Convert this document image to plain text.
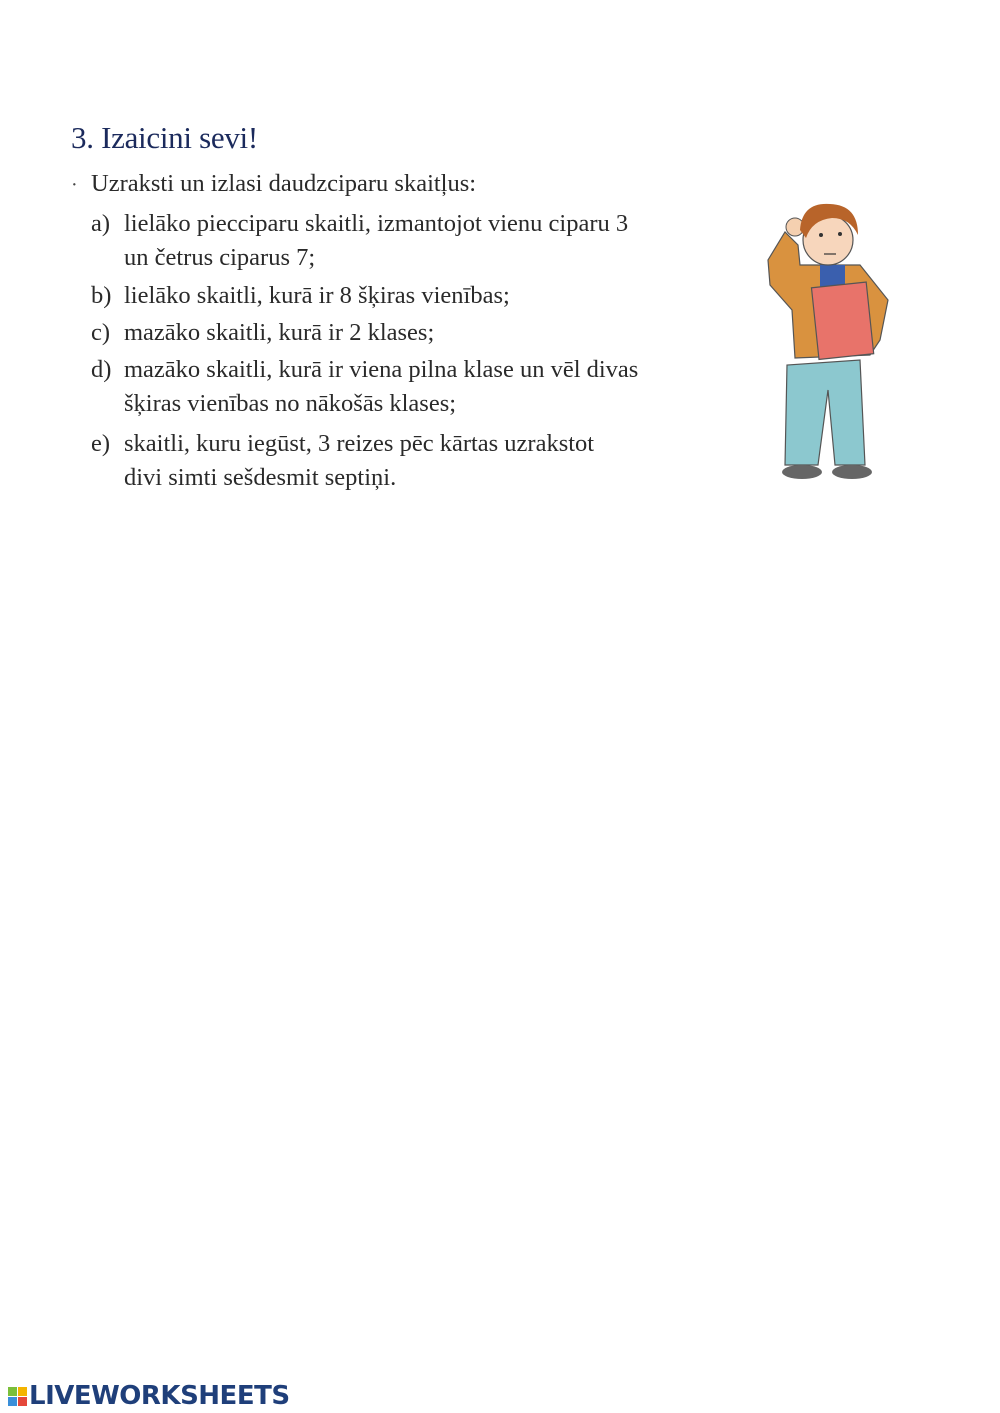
3. Izaicini sevi!
· Uzraksti un izlasi daudzciparu skaitļus:
a) lielāko piecciparu skaitli, izmantojot vienu ciparu 3
un četrus ciparus 7;
b) lielāko skaitli, kurā ir 8 šķiras vienības;
c) mazāko skaitli, kurā ir 2 klases;
d) mazāko skaitli, kurā ir viena pilna klase un vēl divas
šķiras vienības no nākošās klases;
e) skaitli, kuru iegūst, 3 reizes pēc kārtas uzrakstot
divi simti sešdesmit septiņi.
LIVEWORKSHEETS
